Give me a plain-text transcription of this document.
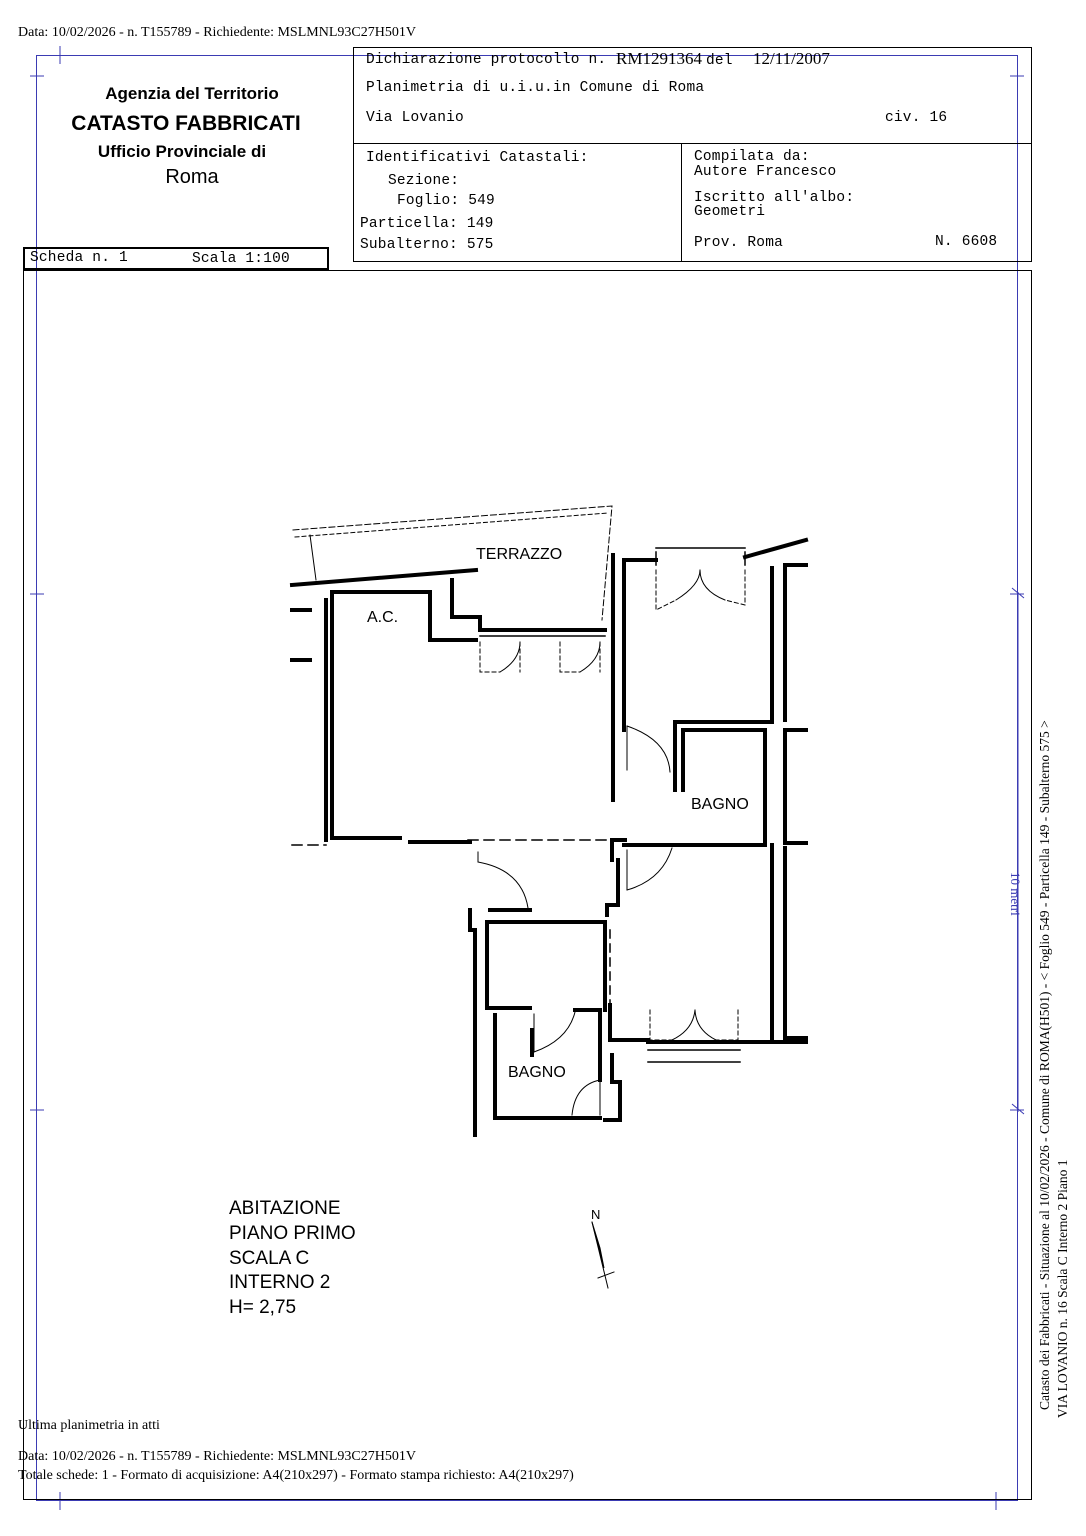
Data: 10/02/2026 - n. T155789 - Richiedente: MSLMNL93C27H501V
Agenzia del Territorio
CATASTO FABBRICATI
Ufficio Provinciale di
Roma
Scheda n. 1	Scala 1:100
Dichiarazione protocollo n. RM1291364 del 12/11/2007
Planimetria di u.i.u.in Comune di Roma
Via Lovanio	civ. 16
Identificativi Catastali:
Sezione:
Foglio: 549
Particella: 149
Subalterno: 575
Compilata da:
Autore Francesco
Iscritto all'albo:
Geometri
Prov. Roma	N. 6608
TERRAZZO
A.C.
BAGNO
BAGNO
N
ABITAZIONE
PIANO PRIMO
SCALA C
INTERNO 2
H= 2,75
10 metri Catasto dei Fabbricati - Situazione al 10/02/2026 - Comune di ROMA(H501) - < Foglio 549 - Particella 149 - Subalterno 575 > VIA LOVANIO n. 16 Scala C Interno 2 Piano 1
Ultima planimetria in atti
Data: 10/02/2026 - n. T155789 - Richiedente: MSLMNL93C27H501V
Totale schede: 1 - Formato di acquisizione: A4(210x297) - Formato stampa richiesto: A4(210x297)
